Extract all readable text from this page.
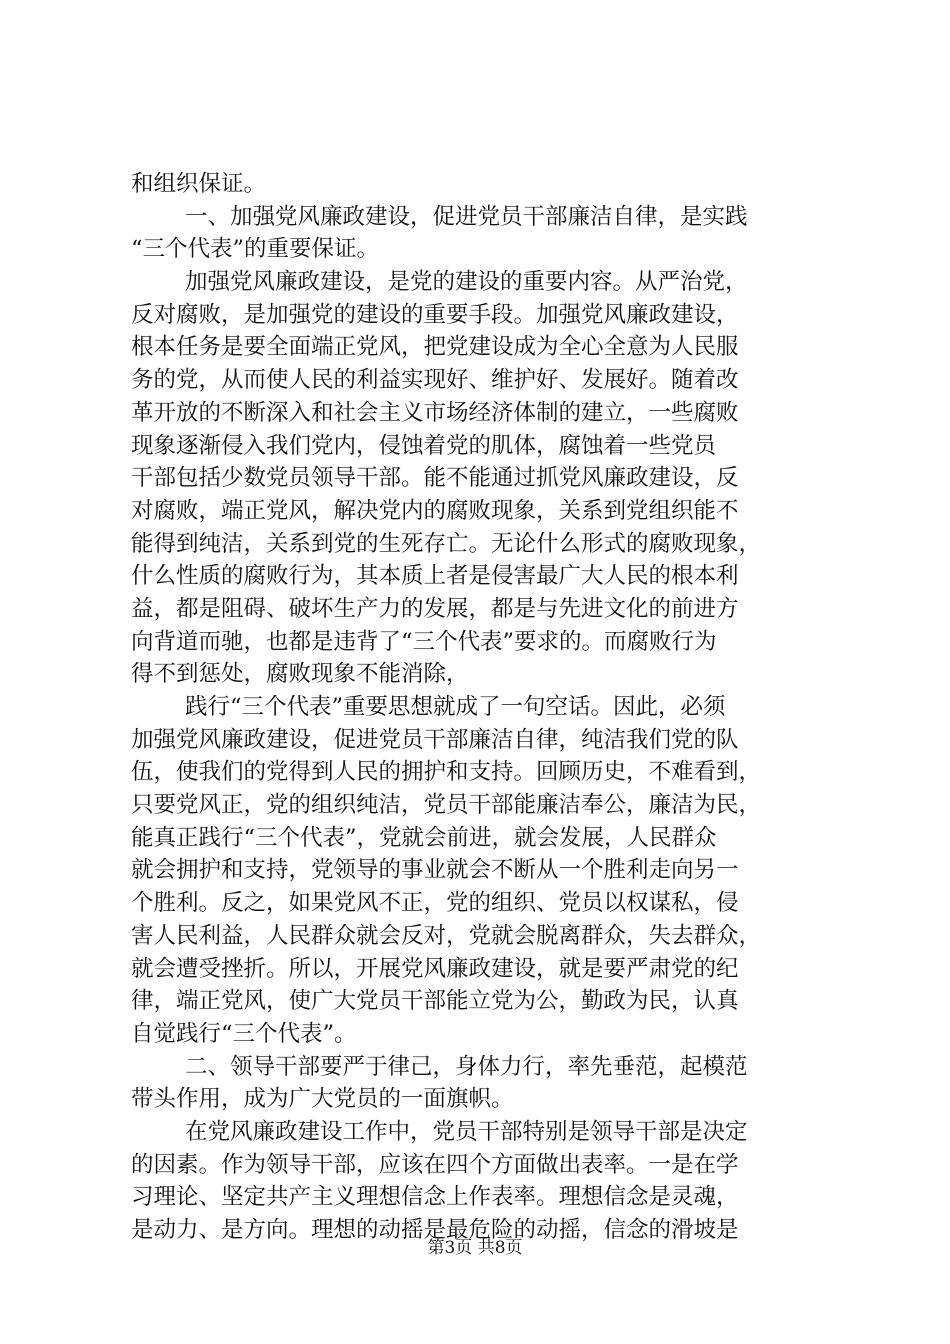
和组织保证。
一、加强党风廉政建设，促进党员干部廉洁自律，是实践
“三个代表”的重要保证。
加强党风廉政建设，是党的建设的重要内容。从严治党，
反对腐败，是加强党的建设的重要手段。加强党风廉政建设，
根本任务是要全面端正党风，把党建设成为全心全意为人民服
务的党，从而使人民的利益实现好、维护好、发展好。随着改
革开放的不断深入和社会主义市场经济体制的建立，一些腐败
现象逐渐侵入我们党内，侵蚀着党的肌体，腐蚀着一些党员
干部包括少数党员领导干部。能不能通过抓党风廉政建设，反
对腐败，端正党风，解决党内的腐败现象，关系到党组织能不
能得到纯洁，关系到党的生死存亡。无论什么形式的腐败现象，
什么性质的腐败行为，其本质上者是侵害最广大人民的根本利
益，都是阻碍、破坏生产力的发展，都是与先进文化的前进方
向背道而驰，也都是违背了“三个代表”要求的。而腐败行为
得不到惩处，腐败现象不能消除，
践行“三个代表”重要思想就成了一句空话。因此，必须
加强党风廉政建设，促进党员干部廉洁自律，纯洁我们党的队
伍，使我们的党得到人民的拥护和支持。回顾历史，不难看到，
只要党风正，党的组织纯洁，党员干部能廉洁奉公，廉洁为民，
能真正践行“三个代表”，党就会前进，就会发展，人民群众
就会拥护和支持，党领导的事业就会不断从一个胜利走向另一
个胜利。反之，如果党风不正，党的组织、党员以权谋私，侵
害人民利益，人民群众就会反对，党就会脱离群众，失去群众，
就会遭受挫折。所以，开展党风廉政建设，就是要严肃党的纪
律，端正党风，使广大党员干部能立党为公，勤政为民，认真
自觉践行“三个代表”。
二、领导干部要严于律己，身体力行，率先垂范，起模范
带头作用，成为广大党员的一面旗帜。
在党风廉政建设工作中，党员干部特别是领导干部是决定
的因素。作为领导干部，应该在四个方面做出表率。一是在学
习理论、坚定共产主义理想信念上作表率。理想信念是灵魂，
是动力、是方向。理想的动摇是最危险的动摇，信念的滑坡是
第3页 共8页
